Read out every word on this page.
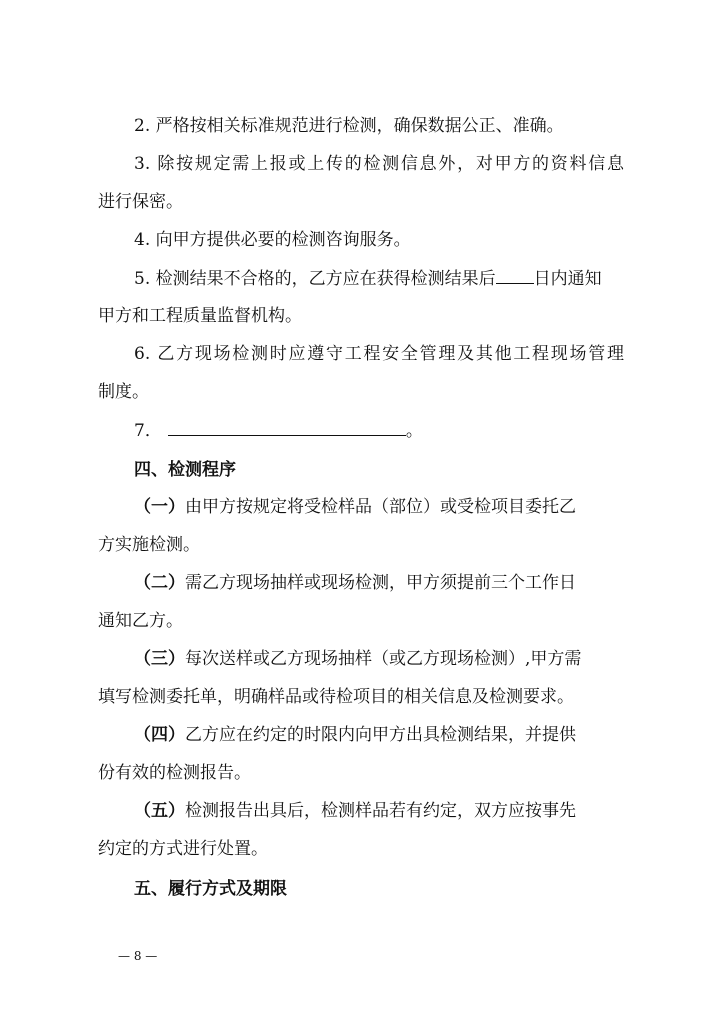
2. 严格按相关标准规范进行检测，确保数据公正、准确。
3. 除按规定需上报或上传的检测信息外，对甲方的资料信息
进行保密。
4. 向甲方提供必要的检测咨询服务。
5. 检测结果不合格的，乙方应在获得检测结果后 日内通知
甲方和工程质量监督机构。
6. 乙方现场检测时应遵守工程安全管理及其他工程现场管理
制度。
7．	。
四、检测程序
（一）由甲方按规定将受检样品（部位）或受检项目委托乙
方实施检测。
（二）需乙方现场抽样或现场检测，甲方须提前三个工作日
通知乙方。
（三）每次送样或乙方现场抽样（或乙方现场检测）,甲方需
填写检测委托单，明确样品或待检项目的相关信息及检测要求。
（四）乙方应在约定的时限内向甲方出具检测结果，并提供
份有效的检测报告。
（五）检测报告出具后，检测样品若有约定，双方应按事先
约定的方式进行处置。
五、履行方式及期限
— 8 —
